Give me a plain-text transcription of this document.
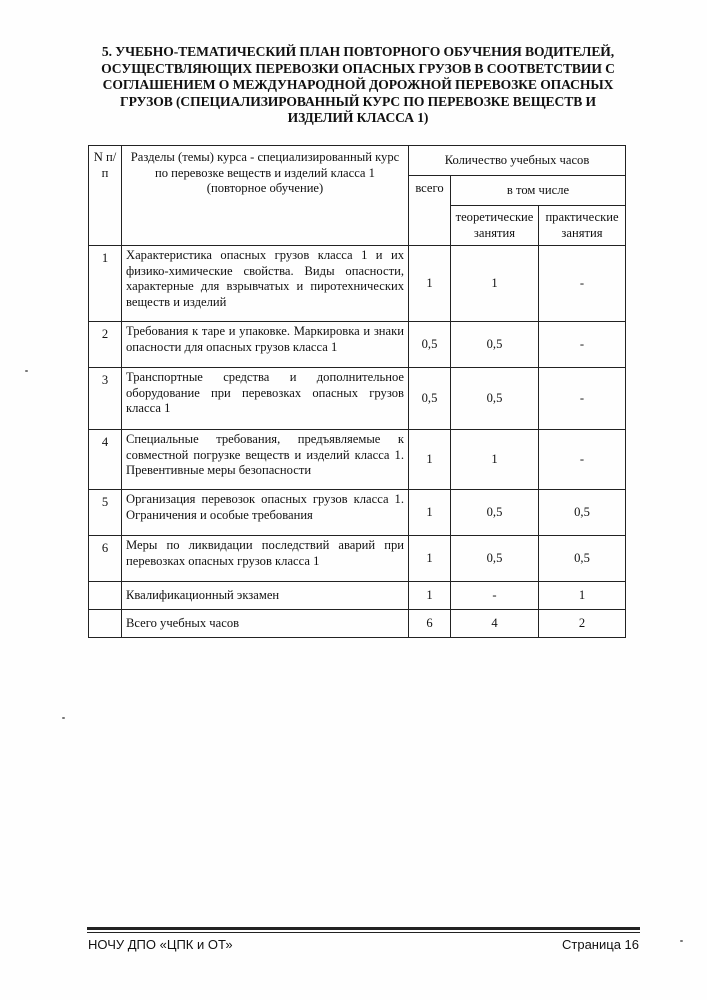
5. УЧЕБНО-ТЕМАТИЧЕСКИЙ ПЛАН ПОВТОРНОГО ОБУЧЕНИЯ ВОДИТЕЛЕЙ,
ОСУЩЕСТВЛЯЮЩИХ ПЕРЕВОЗКИ ОПАСНЫХ ГРУЗОВ В СООТВЕТСТВИИ С
СОГЛАШЕНИЕМ О МЕЖДУНАРОДНОЙ ДОРОЖНОЙ ПЕРЕВОЗКЕ ОПАСНЫХ
ГРУЗОВ (СПЕЦИАЛИЗИРОВАННЫЙ КУРС ПО ПЕРЕВОЗКЕ ВЕЩЕСТВ И
ИЗДЕЛИЙ КЛАССА 1)
N п/п	Разделы (темы) курса - специализированный курс по перевозке веществ и изделий класса 1 (повторное обучение)	Количество учебных часов		
		всего	в том числе	
			теоретические занятия	практические занятия
1	Характеристика опасных грузов класса 1 и их физико-химические свойства. Виды опасности, характерные для взрывчатых и пиротехнических веществ и изделий	1	1	-
2	Требования к таре и упаковке. Маркировка и знаки опасности для опасных грузов класса 1	0,5	0,5	-
3	Транспортные средства и дополнительное оборудование при перевозках опасных грузов класса 1	0,5	0,5	-
4	Специальные требования, предъявляемые к совместной погрузке веществ и изделий класса 1. Превентивные меры безопасности	1	1	-
5	Организация перевозок опасных грузов класса 1. Ограничения и особые требования	1	0,5	0,5
6	Меры по ликвидации последствий аварий при перевозках опасных грузов класса 1	1	0,5	0,5
	Квалификационный экзамен	1	-	1
	Всего учебных часов	6	4	2
НОЧУ ДПО «ЦПК и ОТ»	Страница 16
